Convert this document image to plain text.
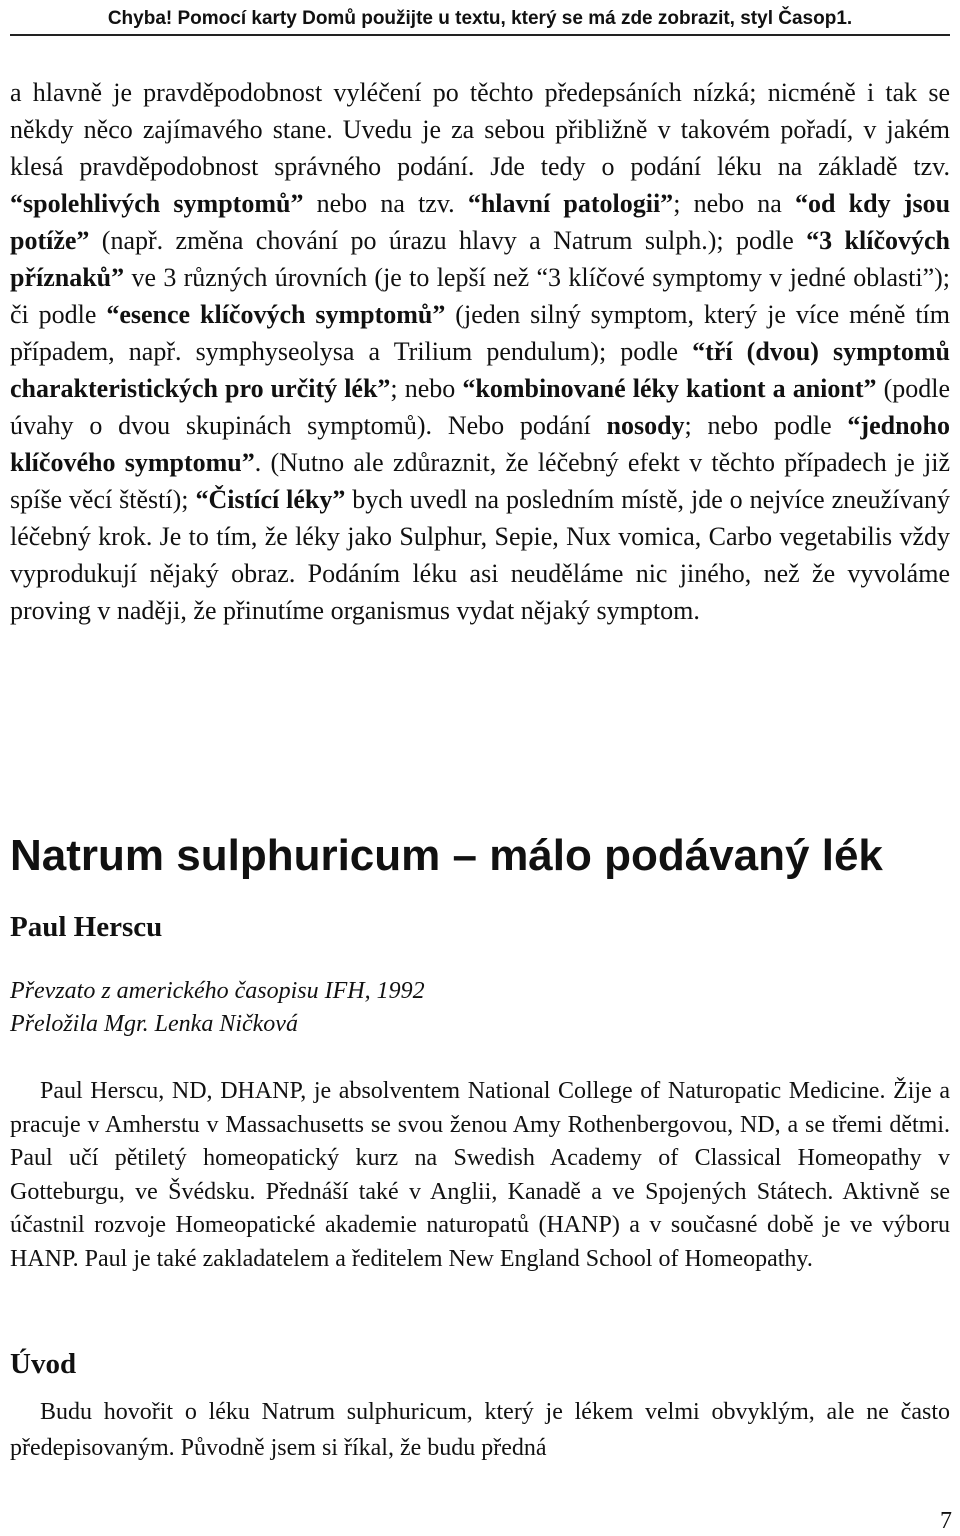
Chyba! Pomocí karty Domů použijte u textu, který se má zde zobrazit, styl Časop1.

a hlavně je pravděpodobnost vyléčení po těchto předepsáních nízká; nicméně i tak se někdy něco zajímavého stane. Uvedu je za sebou přibližně v takovém pořadí, v jakém klesá pravděpodobnost správného podání. Jde tedy o podání léku na základě tzv. “spolehlivých symptomů” nebo na tzv. “hlavní patologii”; nebo na “od kdy jsou potíže” (např. změna chování po úrazu hlavy a Natrum sulph.); podle “3 klíčových příznaků” ve 3 různých úrovních (je to lepší než “3 klíčové symptomy v jedné oblasti”); či podle “esence klíčových symptomů” (jeden silný symptom, který je více méně tím případem, např. symphyseolysa a Trilium pendulum); podle “tří (dvou) symptomů charakteristických pro určitý lék”; nebo “kombinované léky kationt a aniont” (podle úvahy o dvou skupinách symptomů). Nebo podání nosody; nebo podle “jednoho klíčového symptomu”. (Nutno ale zdůraznit, že léčebný efekt v těchto případech je již spíše věcí štěstí); “Čistící léky” bych uvedl na posledním místě, jde o nejvíce zneužívaný léčebný krok. Je to tím, že léky jako Sulphur, Sepie, Nux vomica, Carbo vegetabilis vždy vyprodukují nějaký obraz. Podáním léku asi neuděláme nic jiného, než že vyvoláme proving v naději, že přinutíme organismus vydat nějaký symptom.

Natrum sulphuricum – málo podávaný lék
Paul Herscu
Převzato z amerického časopisu IFH, 1992
Přeložila Mgr. Lenka Ničková
Paul Herscu, ND, DHANP, je absolventem National College of Naturopatic Medicine. Žije a pracuje v Amherstu v Massachusetts se svou ženou Amy Rothenbergovou, ND, a se třemi dětmi. Paul učí pětiletý homeopatický kurz na Swedish Academy of Classical Homeopathy v Gotteburgu, ve Švédsku. Přednáší také v Anglii, Kanadě a ve Spojených Státech. Aktivně se účastnil rozvoje Homeopatické akademie naturopatů (HANP) a v současné době je ve výboru HANP. Paul je také zakladatelem a ředitelem New England School of Homeopathy.
Úvod
Budu hovořit o léku Natrum sulphuricum, který je lékem velmi obvyklým, ale ne často předepisovaným. Původně jsem si říkal, že budu předná
7
